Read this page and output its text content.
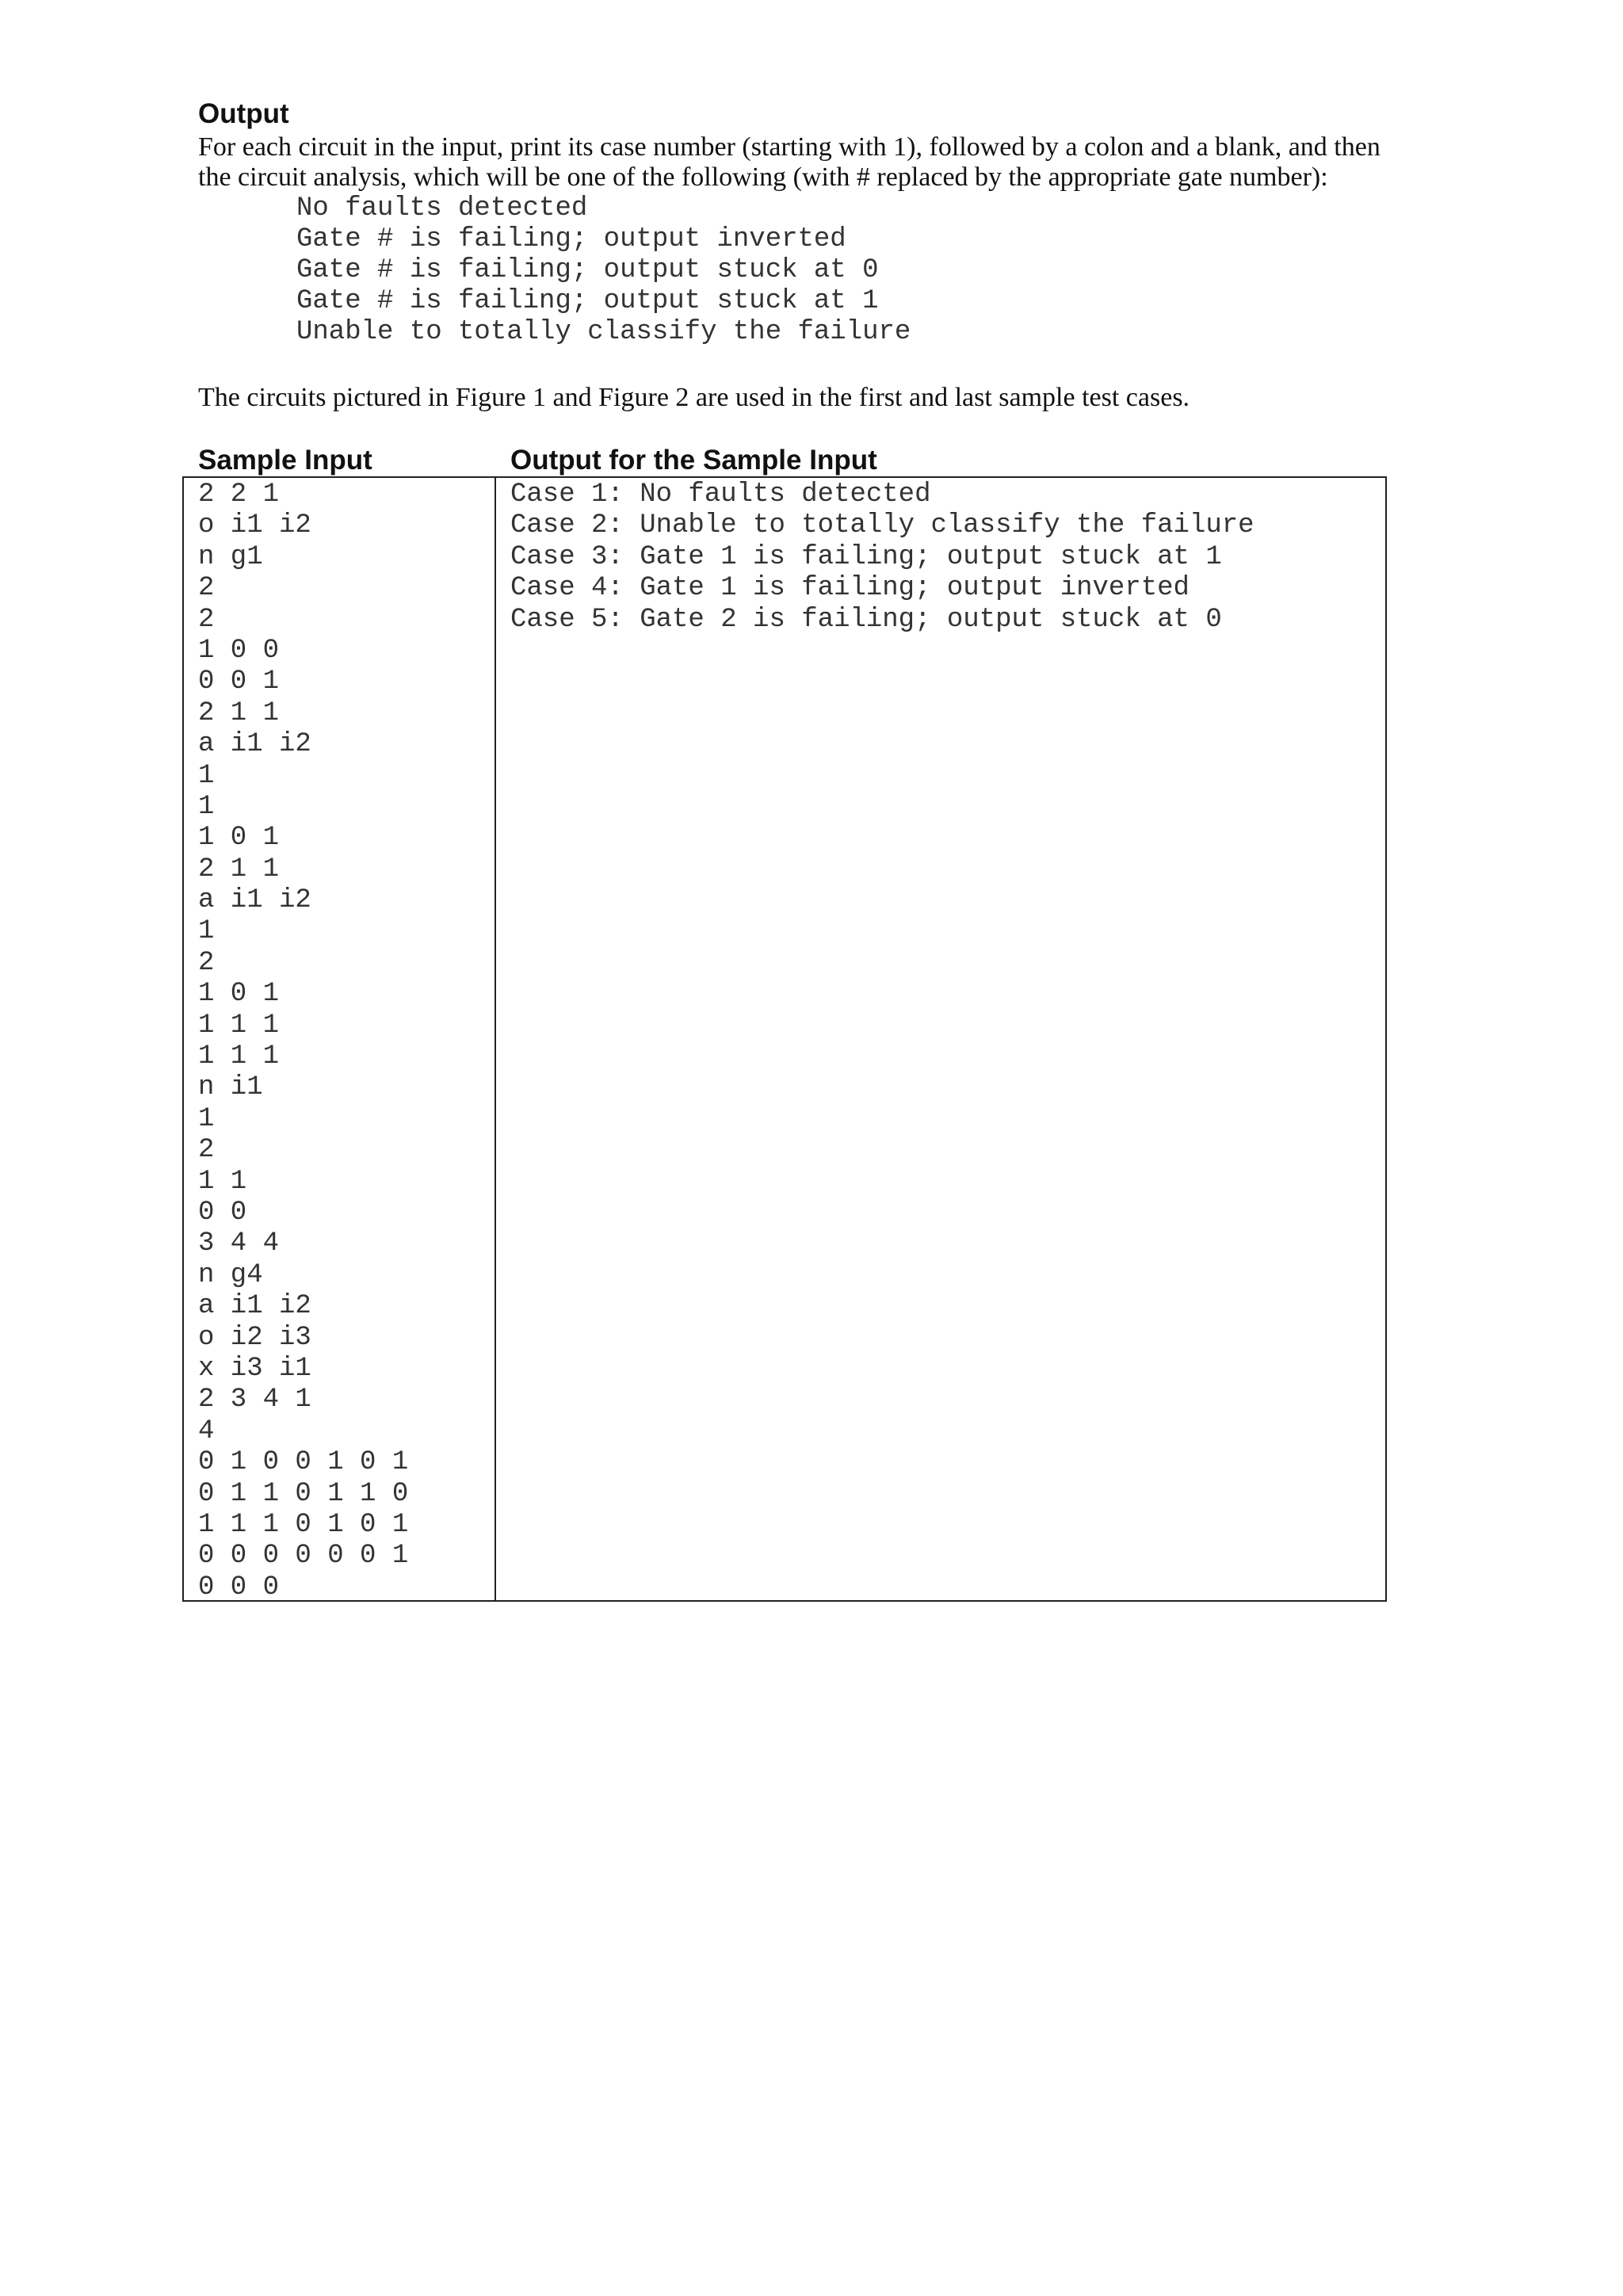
Output

For each circuit in the input, print its case number (starting with 1), followed by a colon and a blank, and then

the circuit analysis, which will be one of the following (with # replaced by the appropriate gate number):

No faults detected
Gate # is failing; output inverted
Gate # is failing; output stuck at 0
Gate # is failing; output stuck at 1
Unable to totally classify the failure

The circuits pictured in Figure 1 and Figure 2 are used in the first and last sample test cases.

Sample Input	Output for the Sample Input
2 2 1
o i1 i2
n g1
2
2
1 0 0
0 0 1
2 1 1
a i1 i2
1
1
1 0 1
2 1 1
a i1 i2
1
2
1 0 1
1 1 1
1 1 1
n i1
1
2
1 1
0 0
3 4 4
n g4
a i1 i2
o i2 i3
x i3 i1
2 3 4 1
4
0 1 0 0 1 0 1
0 1 1 0 1 1 0
1 1 1 0 1 0 1
0 0 0 0 0 0 1
0 0 0
Case 1: No faults detected
Case 2: Unable to totally classify the failure
Case 3: Gate 1 is failing; output stuck at 1
Case 4: Gate 1 is failing; output inverted
Case 5: Gate 2 is failing; output stuck at 0
